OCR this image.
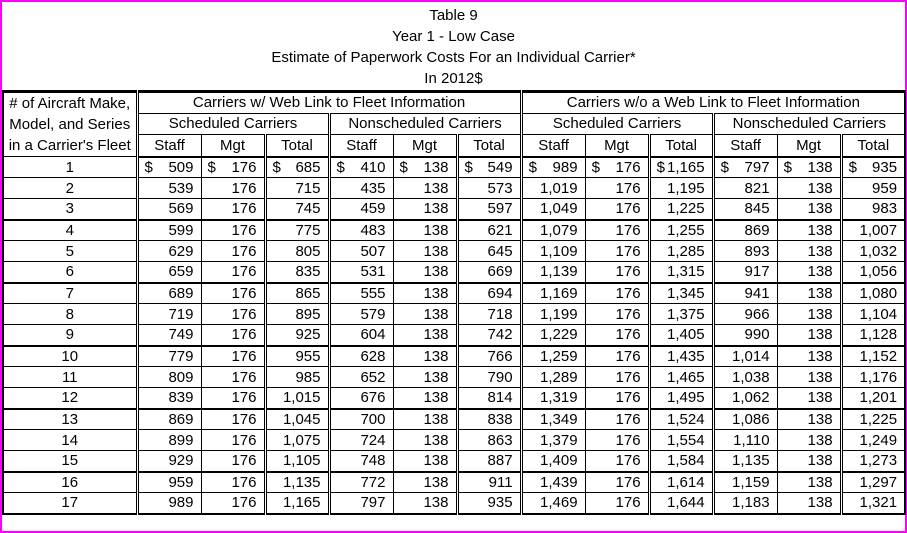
Table 9
Year 1 - Low Case
Estimate of Paperwork Costs For an Individual Carrier*
In 2012$
# of Aircraft Make,
Model, and Series
in a Carrier's Fleet	Carriers w/ Web Link to Fleet Information						Carriers w/o a Web Link to Fleet Information					
	Scheduled Carriers			Nonscheduled Carriers			Scheduled Carriers			Nonscheduled Carriers		
	Staff	Mgt	Total	Staff	Mgt	Total	Staff	Mgt	Total	Staff	Mgt	Total
1	$ 509	$ 176	$ 685	$ 410	$ 138	$ 549	$ 989	$ 176	$ 1,165	$ 797	$ 138	$ 935
2	539	176	715	435	138	573	1,019	176	1,195	821	138	959
3	569	176	745	459	138	597	1,049	176	1,225	845	138	983
4	599	176	775	483	138	621	1,079	176	1,255	869	138	1,007
5	629	176	805	507	138	645	1,109	176	1,285	893	138	1,032
6	659	176	835	531	138	669	1,139	176	1,315	917	138	1,056
7	689	176	865	555	138	694	1,169	176	1,345	941	138	1,080
8	719	176	895	579	138	718	1,199	176	1,375	966	138	1,104
9	749	176	925	604	138	742	1,229	176	1,405	990	138	1,128
10	779	176	955	628	138	766	1,259	176	1,435	1,014	138	1,152
11	809	176	985	652	138	790	1,289	176	1,465	1,038	138	1,176
12	839	176	1,015	676	138	814	1,319	176	1,495	1,062	138	1,201
13	869	176	1,045	700	138	838	1,349	176	1,524	1,086	138	1,225
14	899	176	1,075	724	138	863	1,379	176	1,554	1,110	138	1,249
15	929	176	1,105	748	138	887	1,409	176	1,584	1,135	138	1,273
16	959	176	1,135	772	138	911	1,439	176	1,614	1,159	138	1,297
17	989	176	1,165	797	138	935	1,469	176	1,644	1,183	138	1,321
